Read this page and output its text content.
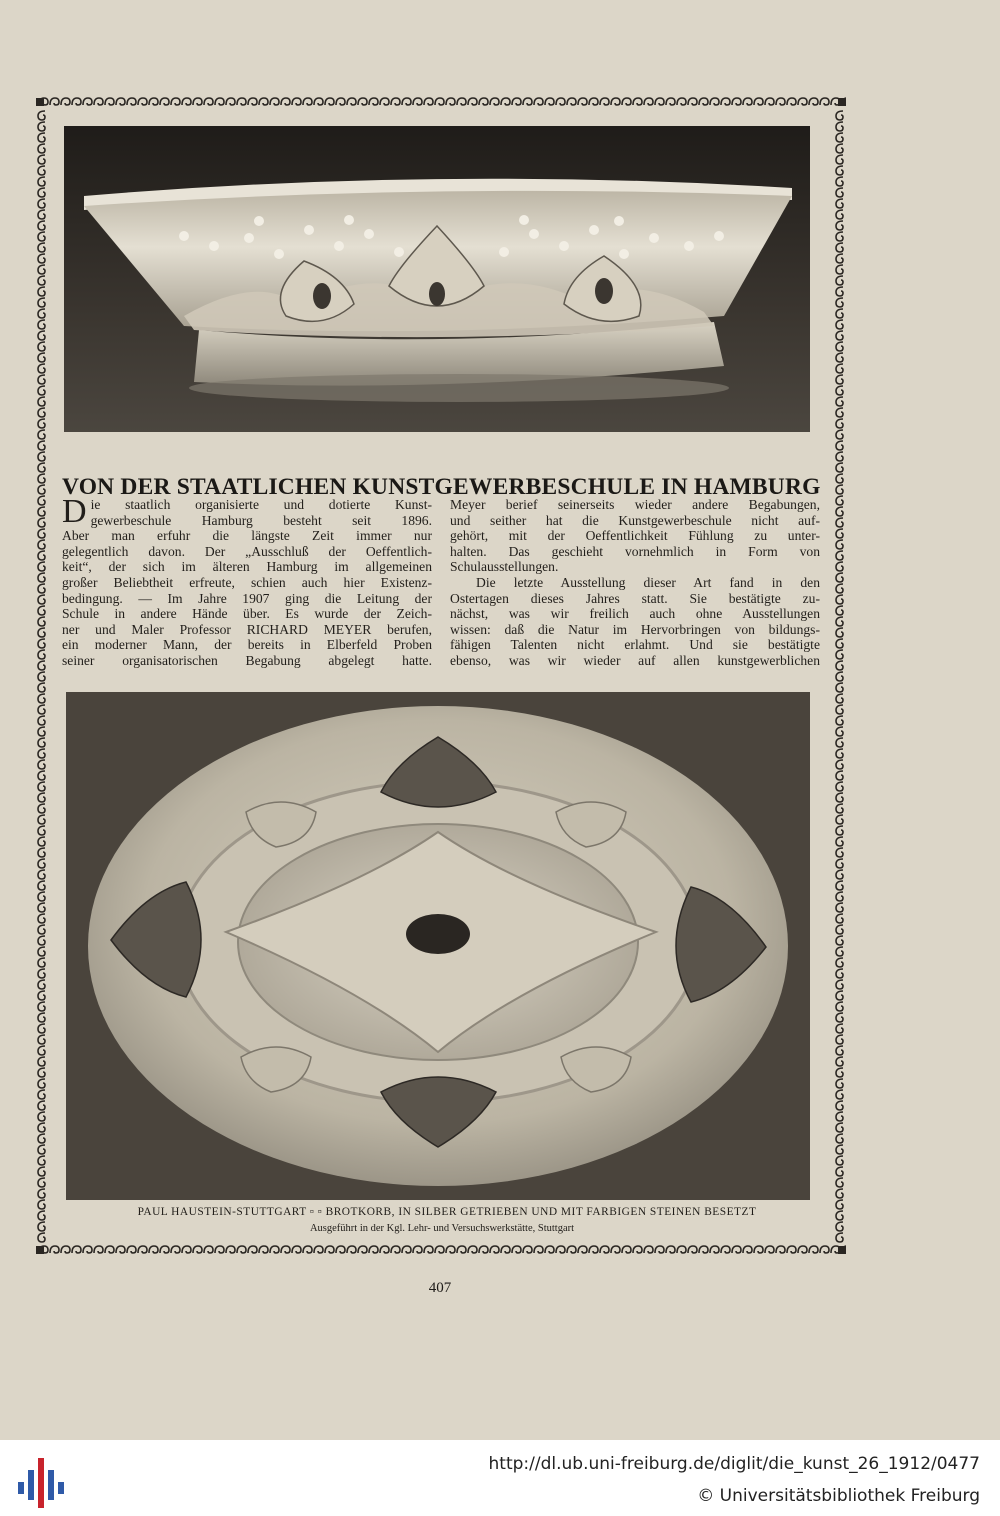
VON DER STAATLICHEN KUNSTGEWERBESCHULE IN HAMBURG
D ie staatlich organisierte und dotierte Kunst-
gewerbeschule Hamburg besteht seit 1896.
Aber man erfuhr die längste Zeit immer nur
gelegentlich davon. Der „Ausschluß der Oeffentlich-
keit“, der sich im älteren Hamburg im allgemeinen
großer Beliebtheit erfreute, schien auch hier Existenz-
bedingung. — Im Jahre 1907 ging die Leitung der
Schule in andere Hände über. Es wurde der Zeich-
ner und Maler Professor RICHARD MEYER berufen,
ein moderner Mann, der bereits in Elberfeld Proben
seiner organisatorischen Begabung abgelegt hatte.
Meyer berief seinerseits wieder andere Begabungen,
und seither hat die Kunstgewerbeschule nicht auf-
gehört, mit der Oeffentlichkeit Fühlung zu unter-
halten. Das geschieht vornehmlich in Form von
Schulausstellungen.
Die letzte Ausstellung dieser Art fand in den
Ostertagen dieses Jahres statt. Sie bestätigte zu-
nächst, was wir freilich auch ohne Ausstellungen
wissen: daß die Natur im Hervorbringen von bildungs-
fähigen Talenten nicht erlahmt. Und sie bestätigte
ebenso, was wir wieder auf allen kunstgewerblichen
PAUL HAUSTEIN-STUTTGART ▫ ▫ BROTKORB, IN SILBER GETRIEBEN UND MIT FARBIGEN STEINEN BESETZT
Ausgeführt in der Kgl. Lehr- und Versuchswerkstätte, Stuttgart
407
http://dl.ub.uni-freiburg.de/diglit/die_kunst_26_1912/0477
© Universitätsbibliothek Freiburg
